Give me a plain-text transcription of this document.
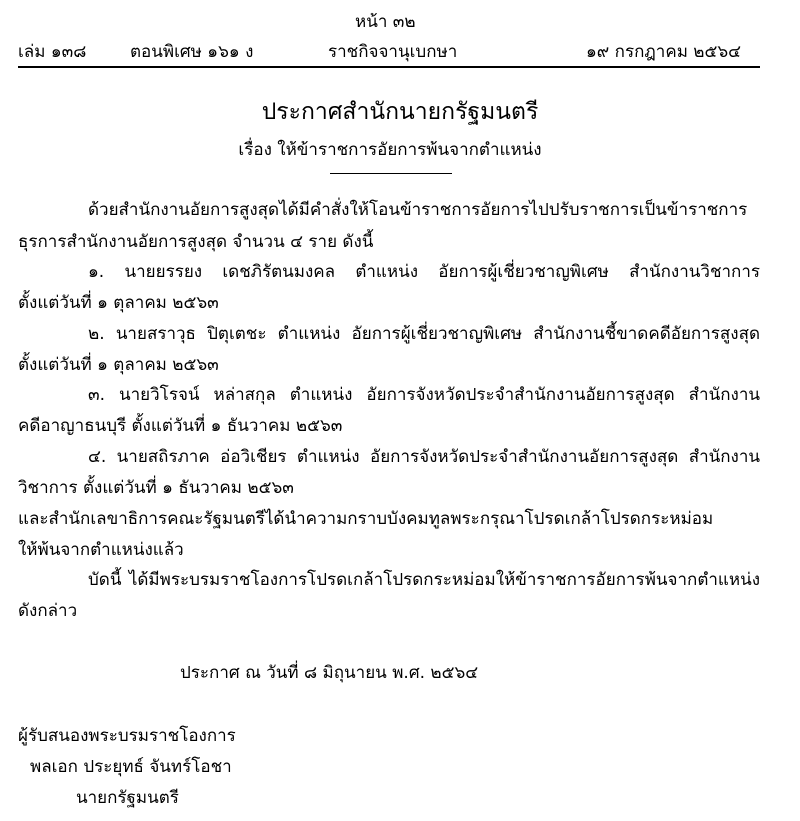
หน้า ๓๒
เล่ม ๑๓๘	ตอนพิเศษ ๑๖๑ ง	ราชกิจจานุเบกษา	๑๙ กรกฎาคม ๒๕๖๔
ประกาศสำนักนายกรัฐมนตรี
เรื่อง ให้ข้าราชการอัยการพ้นจากตำแหน่ง
ด้วยสำนักงานอัยการสูงสุดได้มีคำสั่งให้โอนข้าราชการอัยการไปปรับราชการเป็นข้าราชการ
ธุรการสำนักงานอัยการสูงสุด จำนวน ๔ ราย ดังนี้
๑. นายยรรยง เดชภิรัตนมงคล ตำแหน่ง อัยการผู้เชี่ยวชาญพิเศษ สำนักงานวิชาการ
ตั้งแต่วันที่ ๑ ตุลาคม ๒๕๖๓
๒. นายสราวุธ ปิตุเตชะ ตำแหน่ง อัยการผู้เชี่ยวชาญพิเศษ สำนักงานชี้ขาดคดีอัยการสูงสุด
ตั้งแต่วันที่ ๑ ตุลาคม ๒๕๖๓
๓. นายวิโรจน์ หล่าสกุล ตำแหน่ง อัยการจังหวัดประจำสำนักงานอัยการสูงสุด สำนักงาน
คดีอาญาธนบุรี ตั้งแต่วันที่ ๑ ธันวาคม ๒๕๖๓
๔. นายสถิรภาค อ่อวิเชียร ตำแหน่ง อัยการจังหวัดประจำสำนักงานอัยการสูงสุด สำนักงาน
วิชาการ ตั้งแต่วันที่ ๑ ธันวาคม ๒๕๖๓
และสำนักเลขาธิการคณะรัฐมนตรีได้นำความกราบบังคมทูลพระกรุณาโปรดเกล้าโปรดกระหม่อม
ให้พ้นจากตำแหน่งแล้ว
บัดนี้ ได้มีพระบรมราชโองการโปรดเกล้าโปรดกระหม่อมให้ข้าราชการอัยการพ้นจากตำแหน่ง
ดังกล่าว
ประกาศ ณ วันที่ ๘ มิถุนายน พ.ศ. ๒๕๖๔
ผู้รับสนองพระบรมราชโองการ
พลเอก ประยุทธ์ จันทร์โอชา
นายกรัฐมนตรี
